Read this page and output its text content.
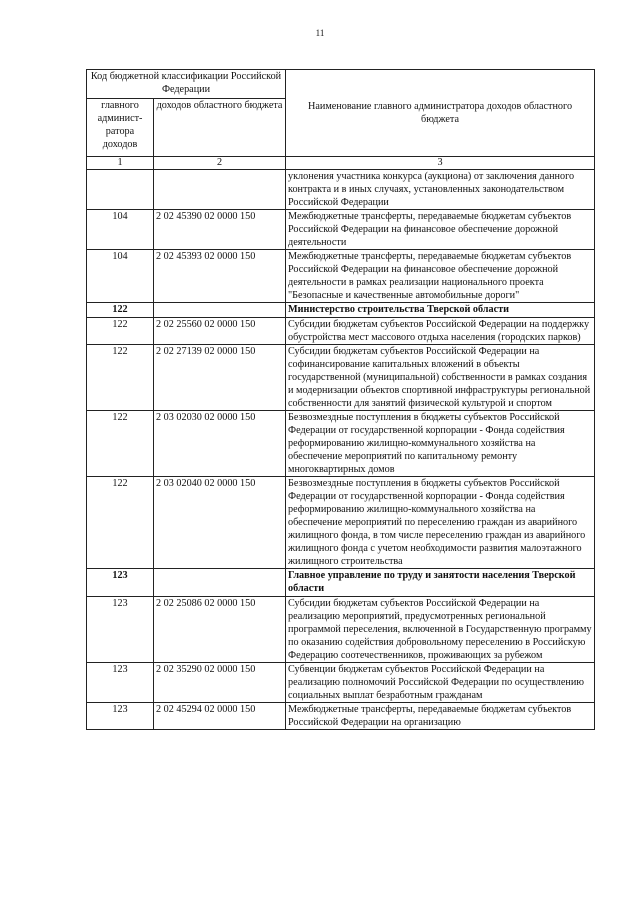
11
Код бюджетной классификации Российской Федерации		Наименование главного администратора доходов областного бюджета
главного админист-ратора доходов	доходов областного бюджета	
1	2	3
		уклонения участника конкурса (аукциона) от заключения данного контракта и в иных случаях, установленных законодательством Российской Федерации
104	2 02 45390 02 0000 150	Межбюджетные трансферты, передаваемые бюджетам субъектов Российской Федерации на финансовое обеспечение дорожной деятельности
104	2 02 45393 02 0000 150	Межбюджетные трансферты, передаваемые бюджетам субъектов Российской Федерации на финансовое обеспечение дорожной деятельности в рамках реализации национального проекта "Безопасные и качественные автомобильные дороги"
122		Министерство строительства Тверской области
122	2 02 25560 02 0000 150	Субсидии бюджетам субъектов Российской Федерации на поддержку обустройства мест массового отдыха населения (городских парков)
122	2 02 27139 02 0000 150	Субсидии бюджетам субъектов Российской Федерации на софинансирование капитальных вложений в объекты государственной (муниципальной) собственности в рамках создания и модернизации объектов спортивной инфраструктуры региональной собственности для занятий физической культурой и спортом
122	2 03 02030 02 0000 150	Безвозмездные поступления в бюджеты субъектов Российской Федерации от государственной корпорации - Фонда содействия реформированию жилищно-коммунального хозяйства на обеспечение мероприятий по капитальному ремонту многоквартирных домов
122	2 03 02040 02 0000 150	Безвозмездные поступления в бюджеты субъектов Российской Федерации от государственной корпорации - Фонда содействия реформированию жилищно-коммунального хозяйства на обеспечение мероприятий по переселению граждан из аварийного жилищного фонда, в том числе переселению граждан из аварийного жилищного фонда с учетом необходимости развития малоэтажного жилищного строительства
123		Главное управление по труду и занятости населения Тверской области
123	2 02 25086 02 0000 150	Субсидии бюджетам субъектов Российской Федерации на реализацию мероприятий, предусмотренных региональной программой переселения, включенной в Государственную программу по оказанию содействия добровольному переселению в Российскую Федерацию соотечественников, проживающих за рубежом
123	2 02 35290 02 0000 150	Субвенции бюджетам субъектов Российской Федерации на реализацию полномочий Российской Федерации по осуществлению социальных выплат безработным гражданам
123	2 02 45294 02 0000 150	Межбюджетные трансферты, передаваемые бюджетам субъектов Российской Федерации на организацию
